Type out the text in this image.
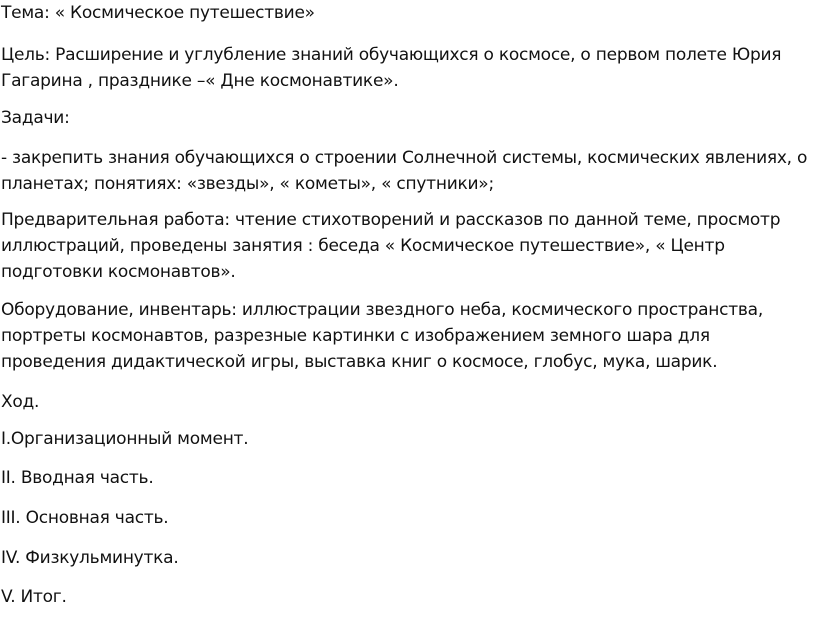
Тема: « Космическое путешествие»

Цель: Расширение и углубление знаний обучающихся о космосе, о первом полете Юрия Гагарина , празднике –« Дне космонавтике».

Задачи:

- закрепить знания обучающихся о строении Солнечной системы, космических явлениях, о планетах; понятиях: «звезды», « кометы», « спутники»;

Предварительная работа: чтение стихотворений и рассказов по данной теме, просмотр иллюстраций, проведены занятия : беседа « Космическое путешествие», « Центр подготовки космонавтов».

Оборудование, инвентарь: иллюстрации звездного неба, космического пространства, портреты космонавтов, разрезные картинки с изображением земного шара для проведения дидактической игры, выставка книг о космосе, глобус, мука, шарик.

Ход.

I.Организационный момент.

II. Вводная часть.

III. Основная часть.

IV. Физкульминутка.

V. Итог.
